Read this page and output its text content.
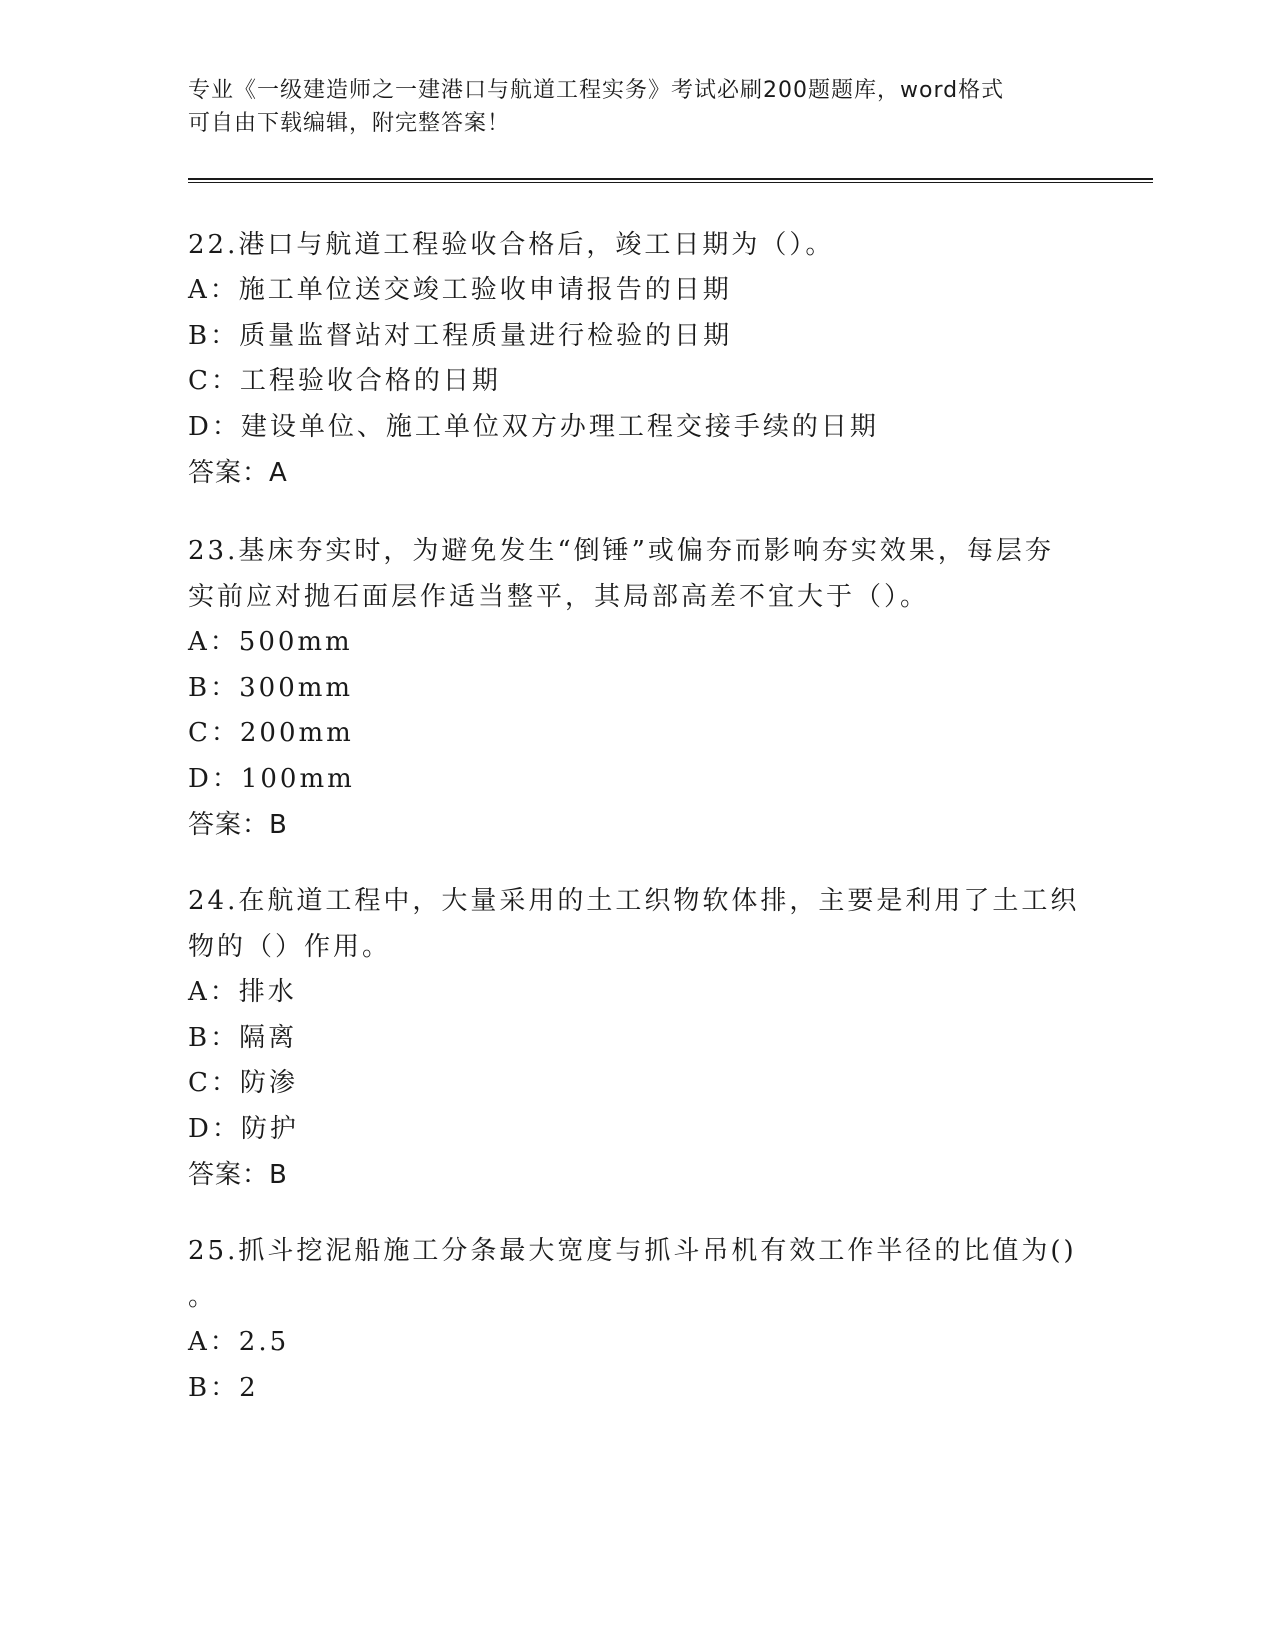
专业《一级建造师之一建港口与航道工程实务》考试必刷200题题库，word格式
可自由下载编辑，附完整答案！

22.港口与航道工程验收合格后，竣工日期为（）。

A：施工单位送交竣工验收申请报告的日期

B：质量监督站对工程质量进行检验的日期

C：工程验收合格的日期

D：建设单位、施工单位双方办理工程交接手续的日期

答案：A

23.基床夯实时，为避免发生“倒锤”或偏夯而影响夯实效果，每层夯

实前应对抛石面层作适当整平，其局部高差不宜大于（）。

A：500mm

B：300mm

C：200mm

D：100mm

答案：B

24.在航道工程中，大量采用的土工织物软体排，主要是利用了土工织

物的（）作用。

A：排水

B：隔离

C：防渗

D：防护

答案：B

25.抓斗挖泥船施工分条最大宽度与抓斗吊机有效工作半径的比值为()

。

A：2.5

B：2
